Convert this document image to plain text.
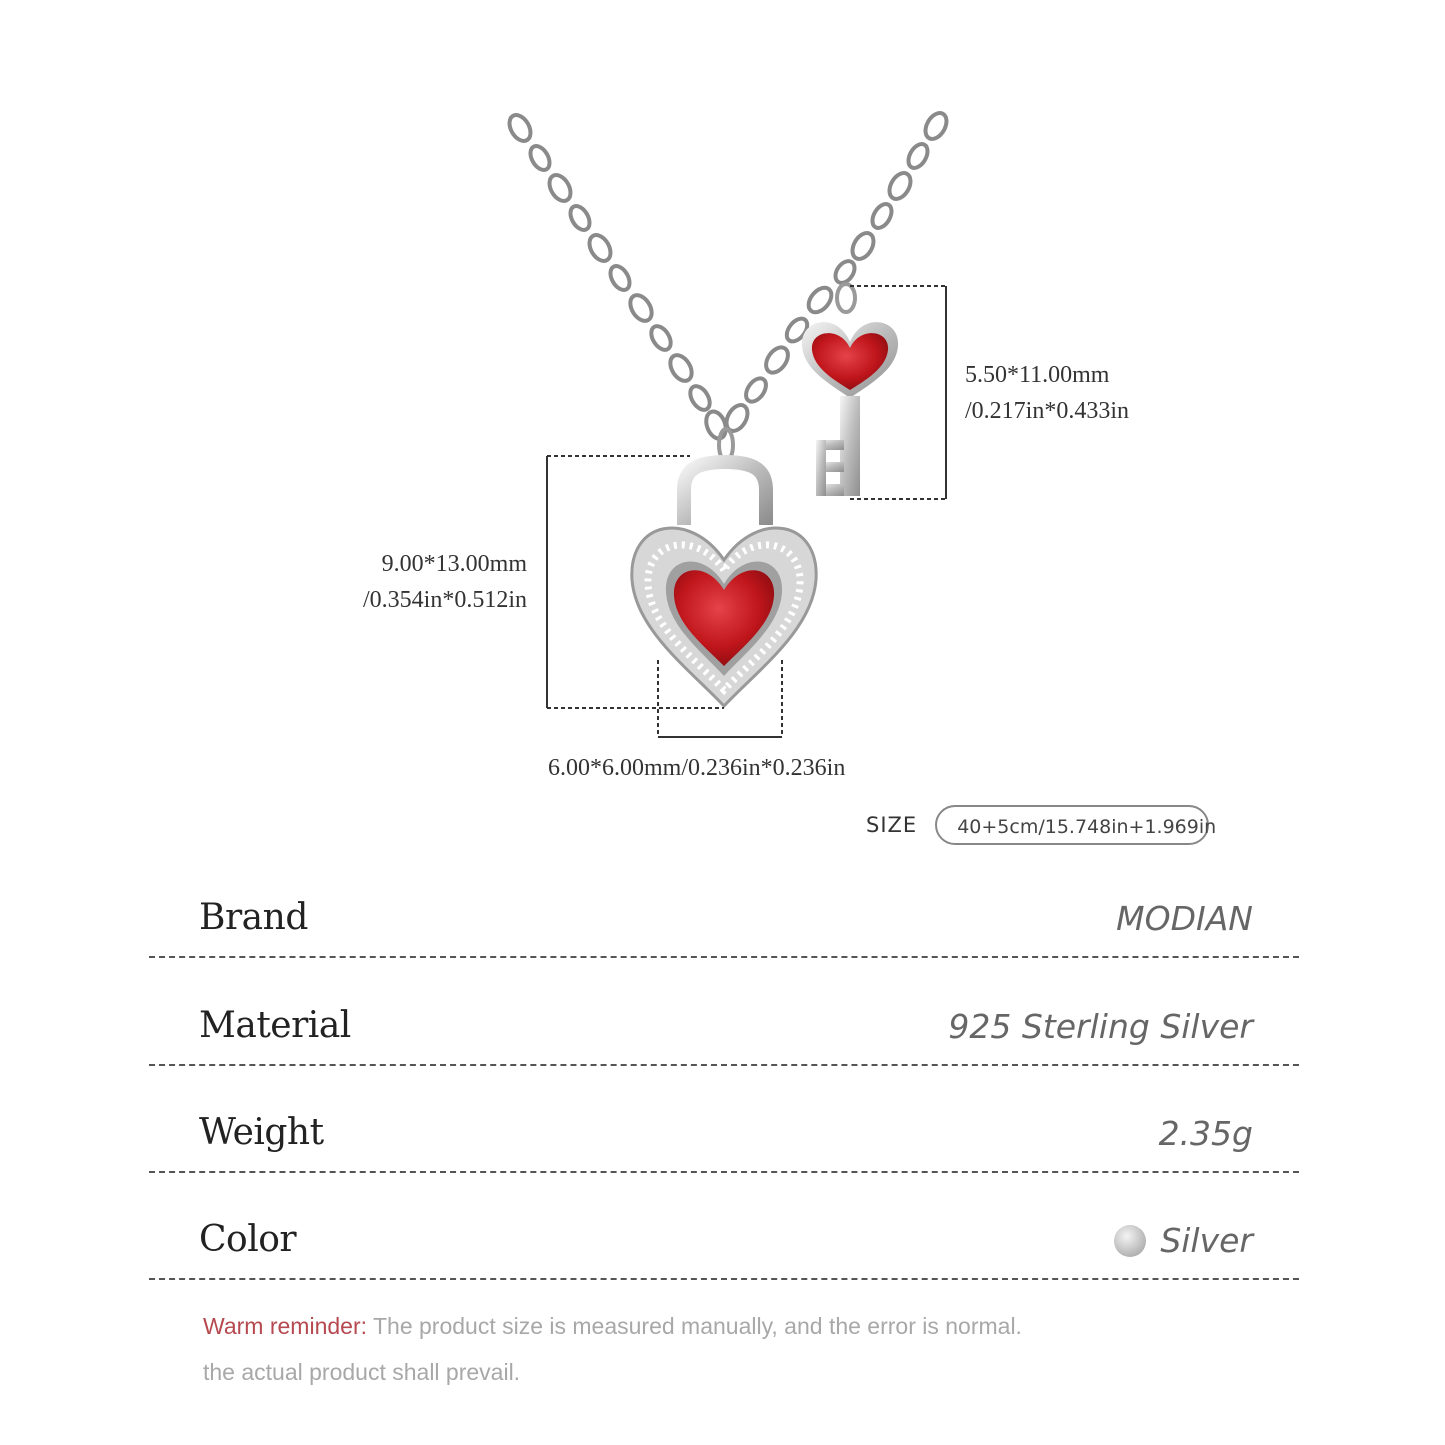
5.50*11.00mm
/0.217in*0.433in
9.00*13.00mm
/0.354in*0.512in
6.00*6.00mm/0.236in*0.236in
SIZE	40+5cm/15.748in+1.969in
Brand	MODIAN
Material	925 Sterling Silver
Weight	2.35g
Color	Silver
Warm reminder: The product size is measured manually, and the error is normal.
the actual product shall prevail.
